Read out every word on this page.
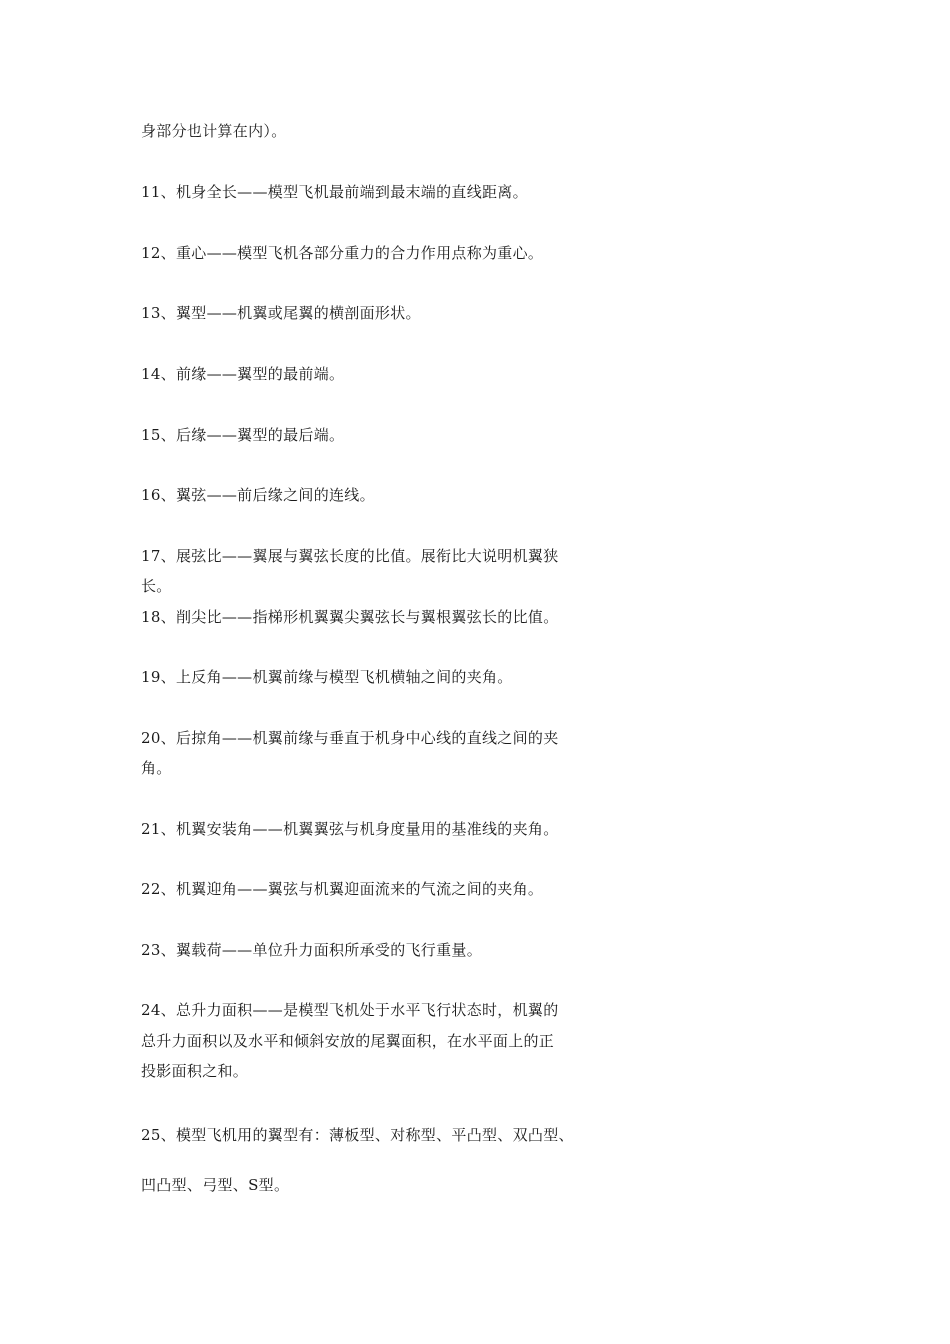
身部分也计算在内）。
11、机身全长——模型飞机最前端到最末端的直线距离。
12、重心——模型飞机各部分重力的合力作用点称为重心。
13、翼型——机翼或尾翼的横剖面形状。
14、前缘——翼型的最前端。
15、后缘——翼型的最后端。
16、翼弦——前后缘之间的连线。
17、展弦比——翼展与翼弦长度的比值。展衔比大说明机翼狭
长。
18、削尖比——指梯形机翼翼尖翼弦长与翼根翼弦长的比值。
19、上反角——机翼前缘与模型飞机横轴之间的夹角。
20、后掠角——机翼前缘与垂直于机身中心线的直线之间的夹
角。
21、机翼安装角——机翼翼弦与机身度量用的基准线的夹角。
22、机翼迎角——翼弦与机翼迎面流来的气流之间的夹角。
23、翼载荷——单位升力面积所承受的飞行重量。
24、总升力面积——是模型飞机处于水平飞行状态时，机翼的
总升力面积以及水平和倾斜安放的尾翼面积，在水平面上的正
投影面积之和。
25、模型飞机用的翼型有：薄板型、对称型、平凸型、双凸型、
凹凸型、弓型、S型。
